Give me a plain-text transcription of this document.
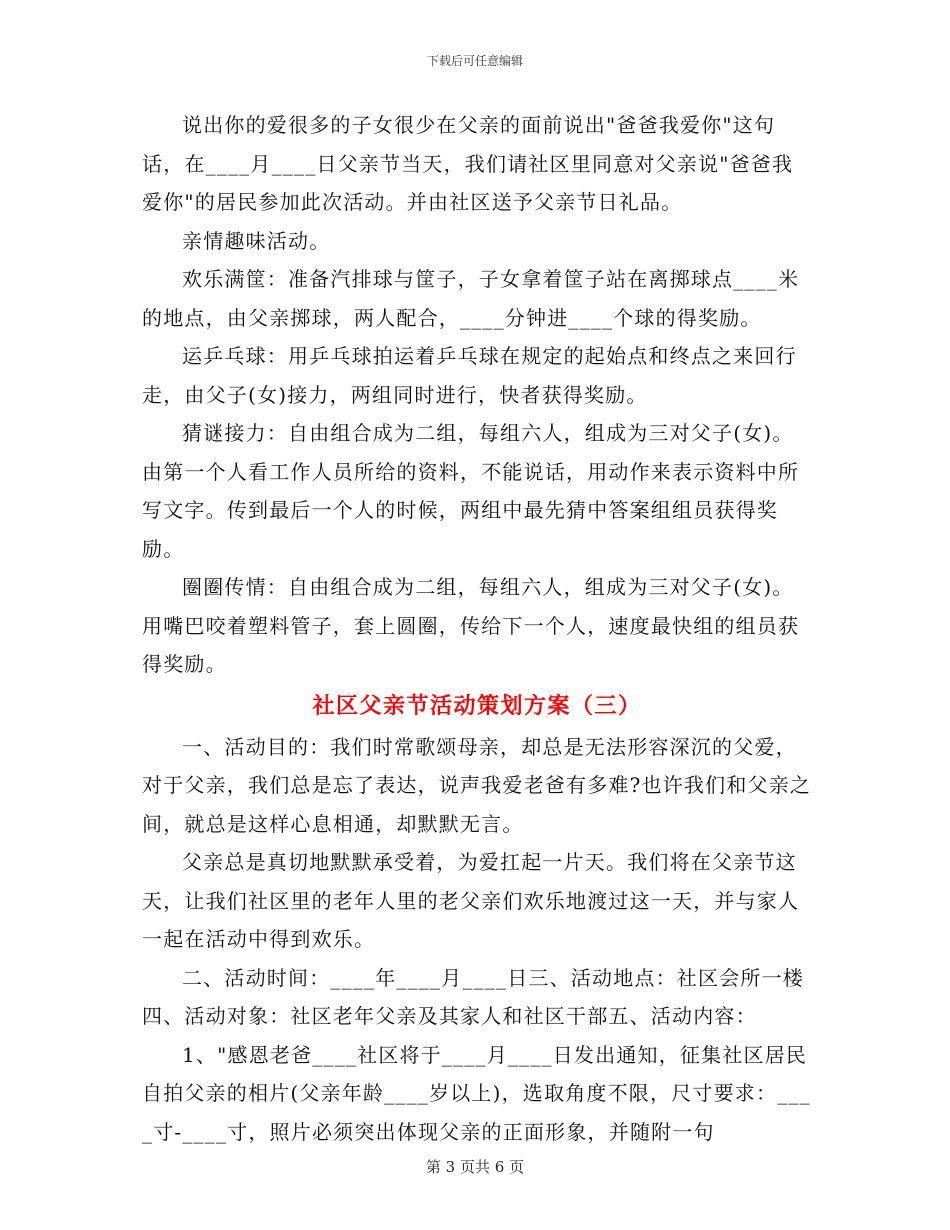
下载后可任意编辑

说出你的爱很多的子女很少在父亲的面前说出"爸爸我爱你"这句话，在____月____日父亲节当天，我们请社区里同意对父亲说"爸爸我爱你"的居民参加此次活动。并由社区送予父亲节日礼品。

亲情趣味活动。

欢乐满筐：准备汽排球与筐子，子女拿着筐子站在离掷球点____米的地点，由父亲掷球，两人配合，____分钟进____个球的得奖励。

运乒乓球：用乒乓球拍运着乒乓球在规定的起始点和终点之来回行走，由父子(女)接力，两组同时进行，快者获得奖励。

猜谜接力：自由组合成为二组，每组六人，组成为三对父子(女)。由第一个人看工作人员所给的资料，不能说话，用动作来表示资料中所写文字。传到最后一个人的时候，两组中最先猜中答案组组员获得奖励。

圈圈传情：自由组合成为二组，每组六人，组成为三对父子(女)。用嘴巴咬着塑料管子，套上圆圈，传给下一个人，速度最快组的组员获得奖励。

社区父亲节活动策划方案（三）

一、活动目的：我们时常歌颂母亲，却总是无法形容深沉的父爱，对于父亲，我们总是忘了表达，说声我爱老爸有多难?也许我们和父亲之间，就总是这样心息相通，却默默无言。

父亲总是真切地默默承受着，为爱扛起一片天。我们将在父亲节这天，让我们社区里的老年人里的老父亲们欢乐地渡过这一天，并与家人一起在活动中得到欢乐。

二、活动时间：____年____月____日三、活动地点：社区会所一楼四、活动对象：社区老年父亲及其家人和社区干部五、活动内容：

1、"感恩老爸____社区将于____月____日发出通知，征集社区居民自拍父亲的相片(父亲年龄____岁以上)，选取角度不限，尺寸要求：____寸-____寸，照片必须突出体现父亲的正面形象，并随附一句

第 3 页共 6 页
